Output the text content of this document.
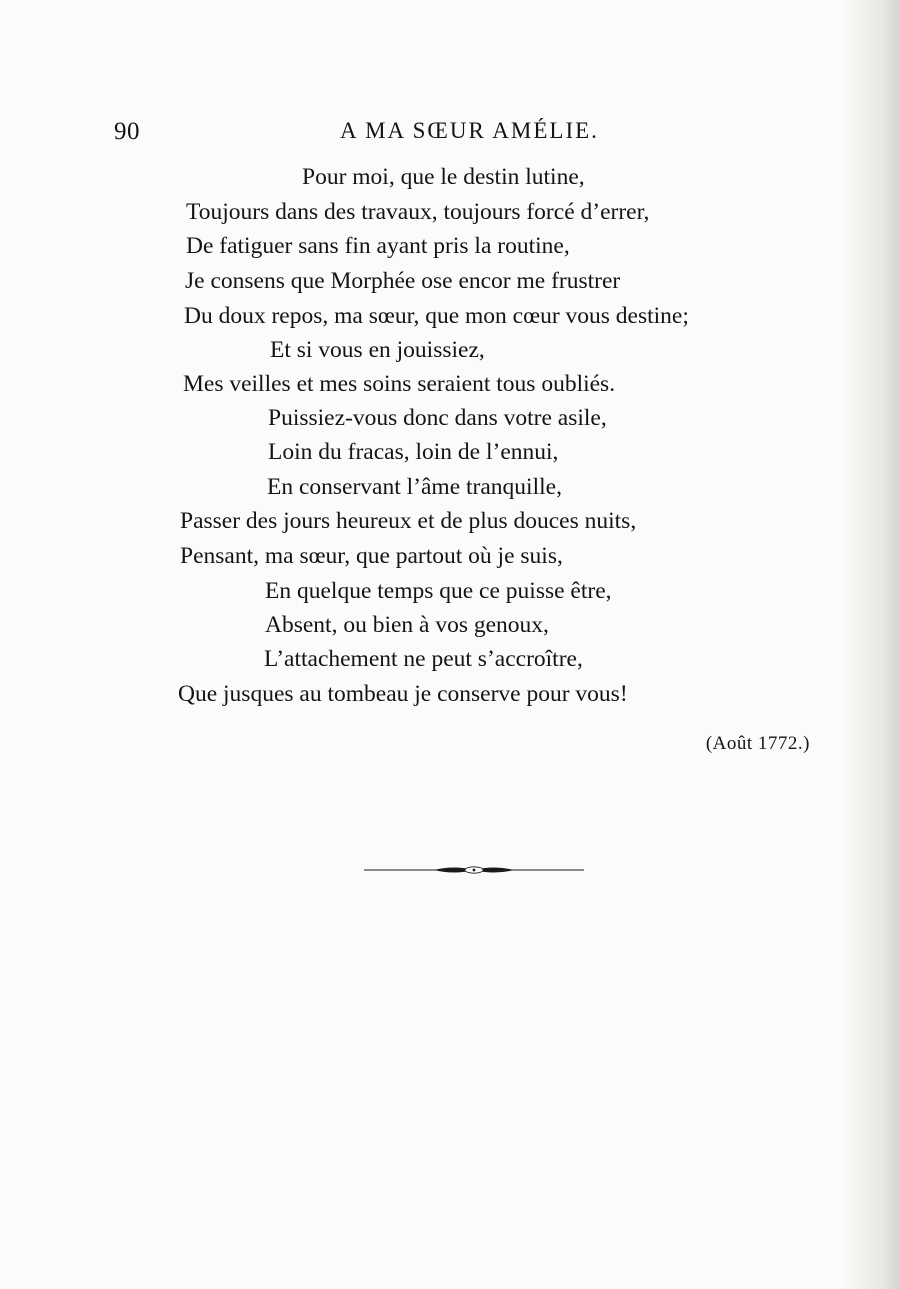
90	A MA SŒUR AMÉLIE.
Pour moi, que le destin lutine,
Toujours dans des travaux, toujours forcé d’errer,
De fatiguer sans fin ayant pris la routine,
Je consens que Morphée ose encor me frustrer
Du doux repos, ma sœur, que mon cœur vous destine;
Et si vous en jouissiez,
Mes veilles et mes soins seraient tous oubliés.
Puissiez-vous donc dans votre asile,
Loin du fracas, loin de l’ennui,
En conservant l’âme tranquille,
Passer des jours heureux et de plus douces nuits,
Pensant, ma sœur, que partout où je suis,
En quelque temps que ce puisse être,
Absent, ou bien à vos genoux,
L’attachement ne peut s’accroître,
Que jusques au tombeau je conserve pour vous!
(Août 1772.)
